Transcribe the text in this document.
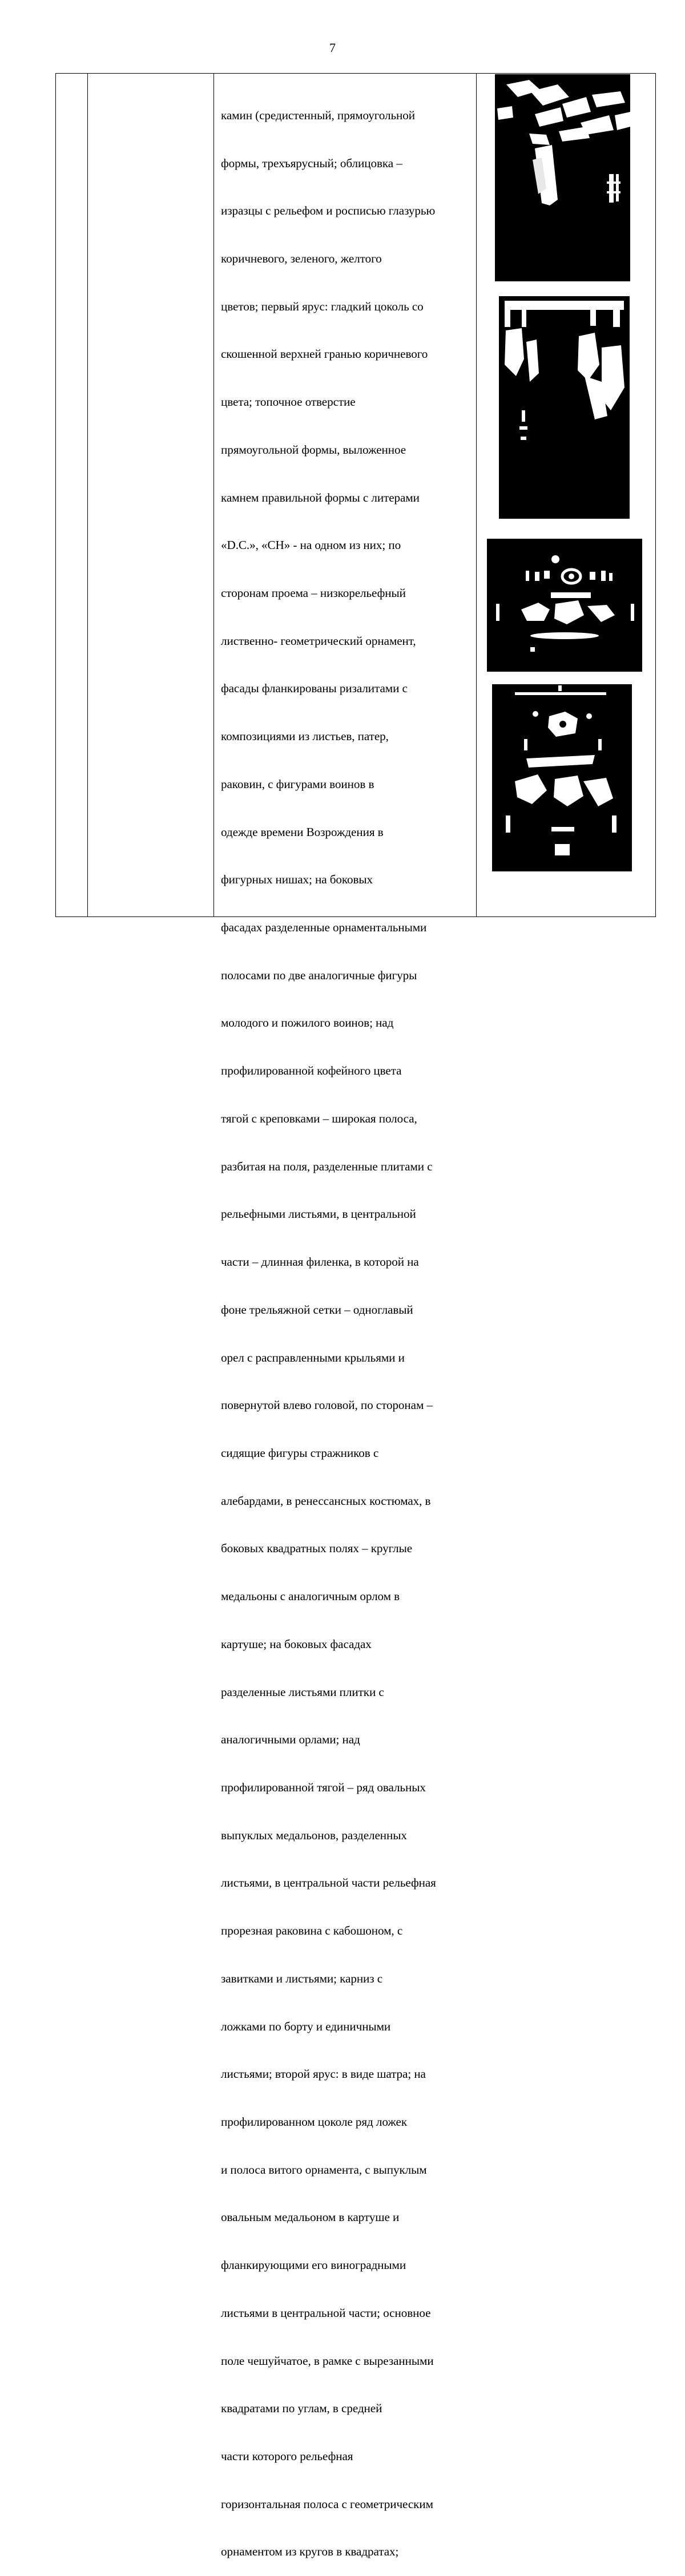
7

камин (средистенный, прямоугольной

формы, трехъярусный; облицовка –

изразцы с рельефом и росписью глазурью

коричневого, зеленого, желтого

цветов; первый ярус: гладкий цоколь со

скошенной верхней гранью коричневого

цвета; топочное отверстие

прямоугольной формы, выложенное

камнем правильной формы с литерами

«D.С.», «СН» - на одном из них; по

сторонам проема – низкорельефный

лиственно- геометрический орнамент,

фасады фланкированы ризалитами с

композициями из листьев, патер,

раковин, с фигурами воинов в

одежде времени Возрождения в

фигурных нишах; на боковых

фасадах разделенные орнаментальными

полосами по две аналогичные фигуры

молодого и пожилого воинов; над

профилированной кофейного цвета

тягой с креповками – широкая полоса,

разбитая на поля, разделенные плитами с

рельефными листьями, в центральной

части – длинная филенка, в которой на

фоне трельяжной сетки – одноглавый

орел с расправленными крыльями и

повернутой влево головой, по сторонам –

сидящие фигуры стражников с

алебардами, в ренессансных костюмах, в

боковых квадратных полях – круглые

медальоны с аналогичным орлом в

картуше; на боковых фасадах

разделенные листьями плитки с

аналогичными орлами; над

профилированной тягой – ряд овальных

выпуклых медальонов, разделенных

листьями, в центральной части рельефная

прорезная раковина с кабошоном, с

завитками и листьями; карниз с

ложками по борту и единичными

листьями; второй ярус: в виде шатра; на

профилированном цоколе ряд ложек

и полоса витого орнамента, с выпуклым

овальным медальоном в картуше и

фланкирующими его виноградными

листьями в центральной части; основное

поле чешуйчатое, в рамке с вырезанными

квадратами по углам, в средней

части которого рельефная

горизонтальная полоса с геометрическим

орнаментом из кругов в квадратах;
